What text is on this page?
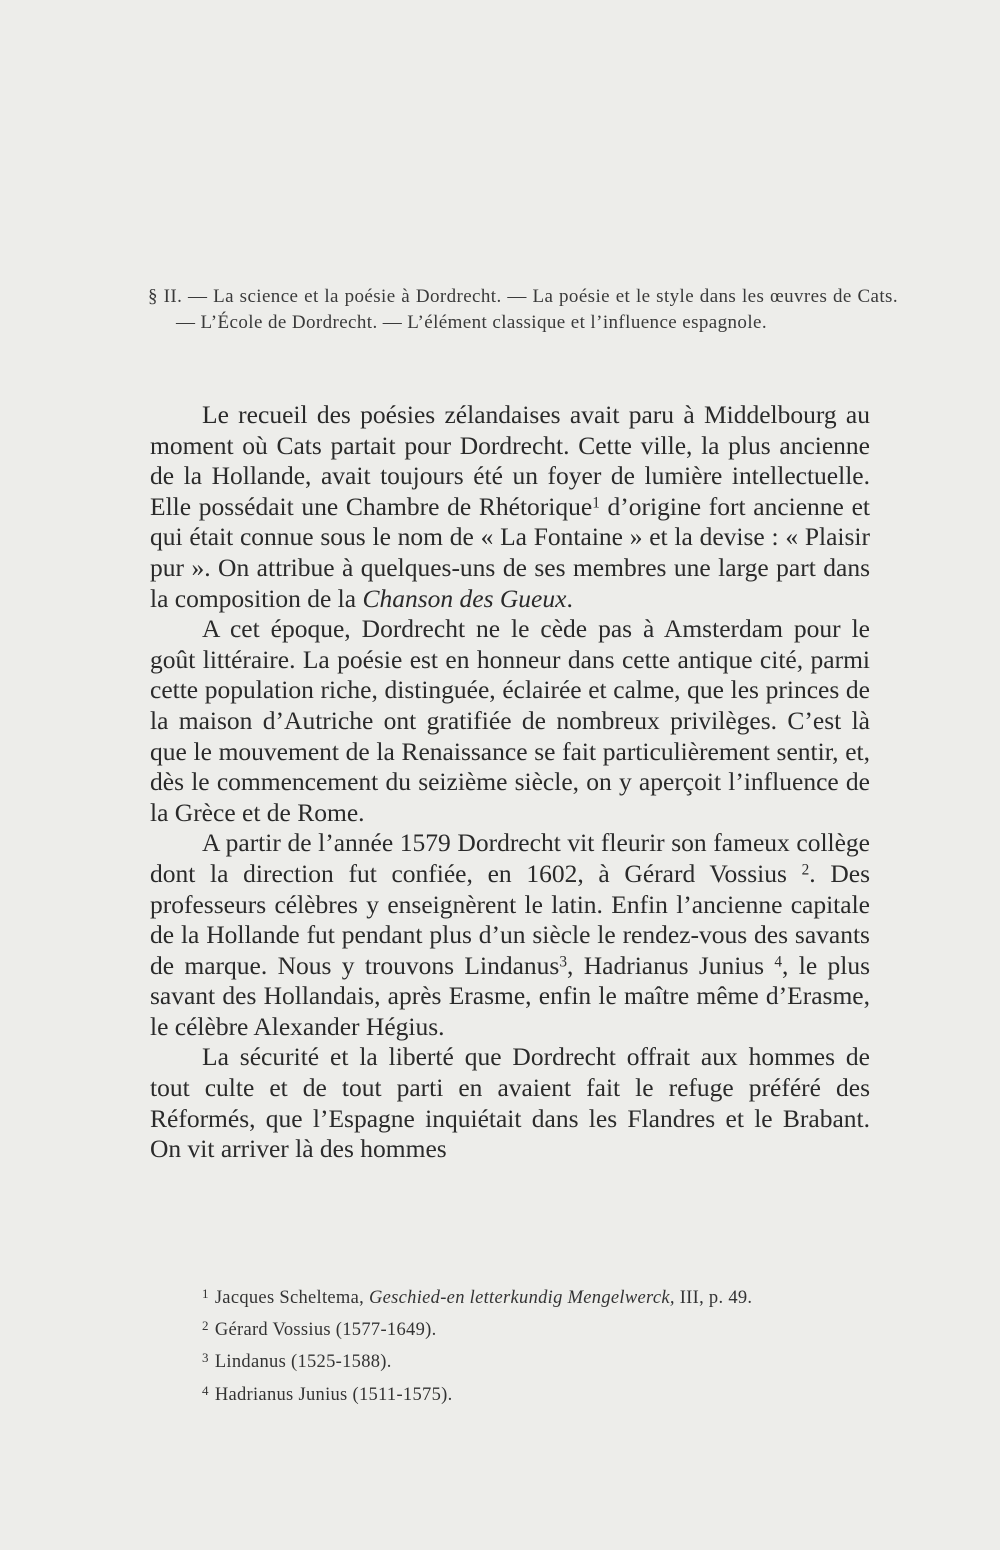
§ II. — La science et la poésie à Dordrecht. — La poésie et le style dans les œuvres de Cats. — L’École de Dordrecht. — L’élément classique et l’influence espagnole.

Le recueil des poésies zélandaises avait paru à Middelbourg au moment où Cats partait pour Dordrecht. Cette ville, la plus ancienne de la Hollande, avait toujours été un foyer de lumière intellectuelle. Elle possédait une Chambre de Rhétorique$^1$ d’origine fort ancienne et qui était connue sous le nom de « La Fontaine » et la devise : « Plaisir pur ». On attribue à quelques-uns de ses membres une large part dans la composition de la Chanson des Gueux.

A cet époque, Dordrecht ne le cède pas à Amsterdam pour le goût littéraire. La poésie est en honneur dans cette antique cité, parmi cette population riche, distinguée, éclairée et calme, que les princes de la maison d’Autriche ont gratifiée de nombreux privilèges. C’est là que le mouvement de la Renaissance se fait particulièrement sentir, et, dès le commencement du seizième siècle, on y aperçoit l’influence de la Grèce et de Rome.

A partir de l’année 1579 Dordrecht vit fleurir son fameux collège dont la direction fut confiée, en 1602, à Gérard Vossius $^2$. Des professeurs célèbres y enseignèrent le latin. Enfin l’ancienne capitale de la Hollande fut pendant plus d’un siècle le rendez-vous des savants de marque. Nous y trouvons Lindanus$^3$, Hadrianus Junius $^4$, le plus savant des Hollandais, après Erasme, enfin le maître même d’Erasme, le célèbre Alexander Hégius.

La sécurité et la liberté que Dordrecht offrait aux hommes de tout culte et de tout parti en avaient fait le refuge préféré des Réformés, que l’Espagne inquiétait dans les Flandres et le Brabant. On vit arriver là des hommes

$^1$ Jacques Scheltema, Geschied-en letterkundig Mengelwerck, III, p. 49.

$^2$ Gérard Vossius (1577-1649).

$^3$ Lindanus (1525-1588).

$^4$ Hadrianus Junius (1511-1575).
